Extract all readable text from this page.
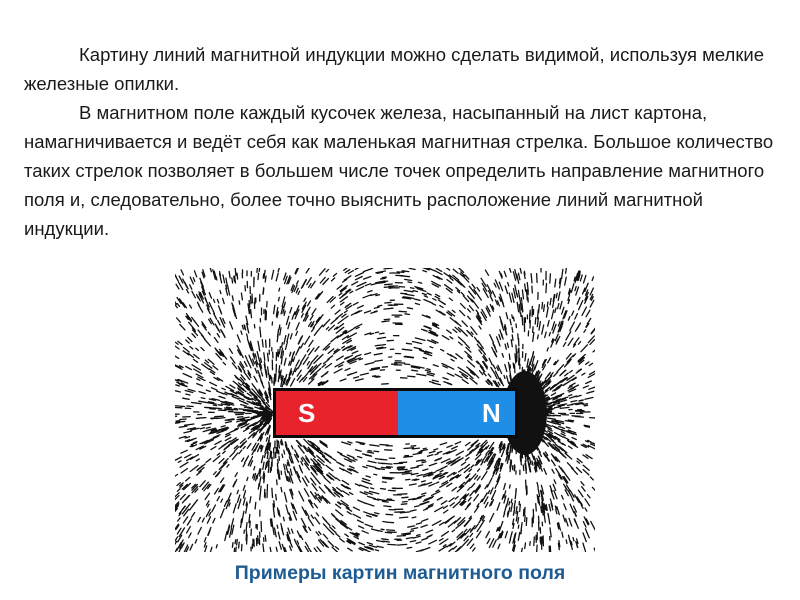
Картину линий магнитной индукции можно сделать видимой, используя мелкие железные опилки.

В магнитном поле каждый кусочек железа, насыпанный на лист картона, намагничивается и ведёт себя как маленькая магнитная стрелка. Большое количество таких стрелок позволяет в большем числе точек определить направление магнитного поля и, следовательно, более точно выяснить расположение линий магнитной индукции.

S	N
Примеры картин магнитного поля
